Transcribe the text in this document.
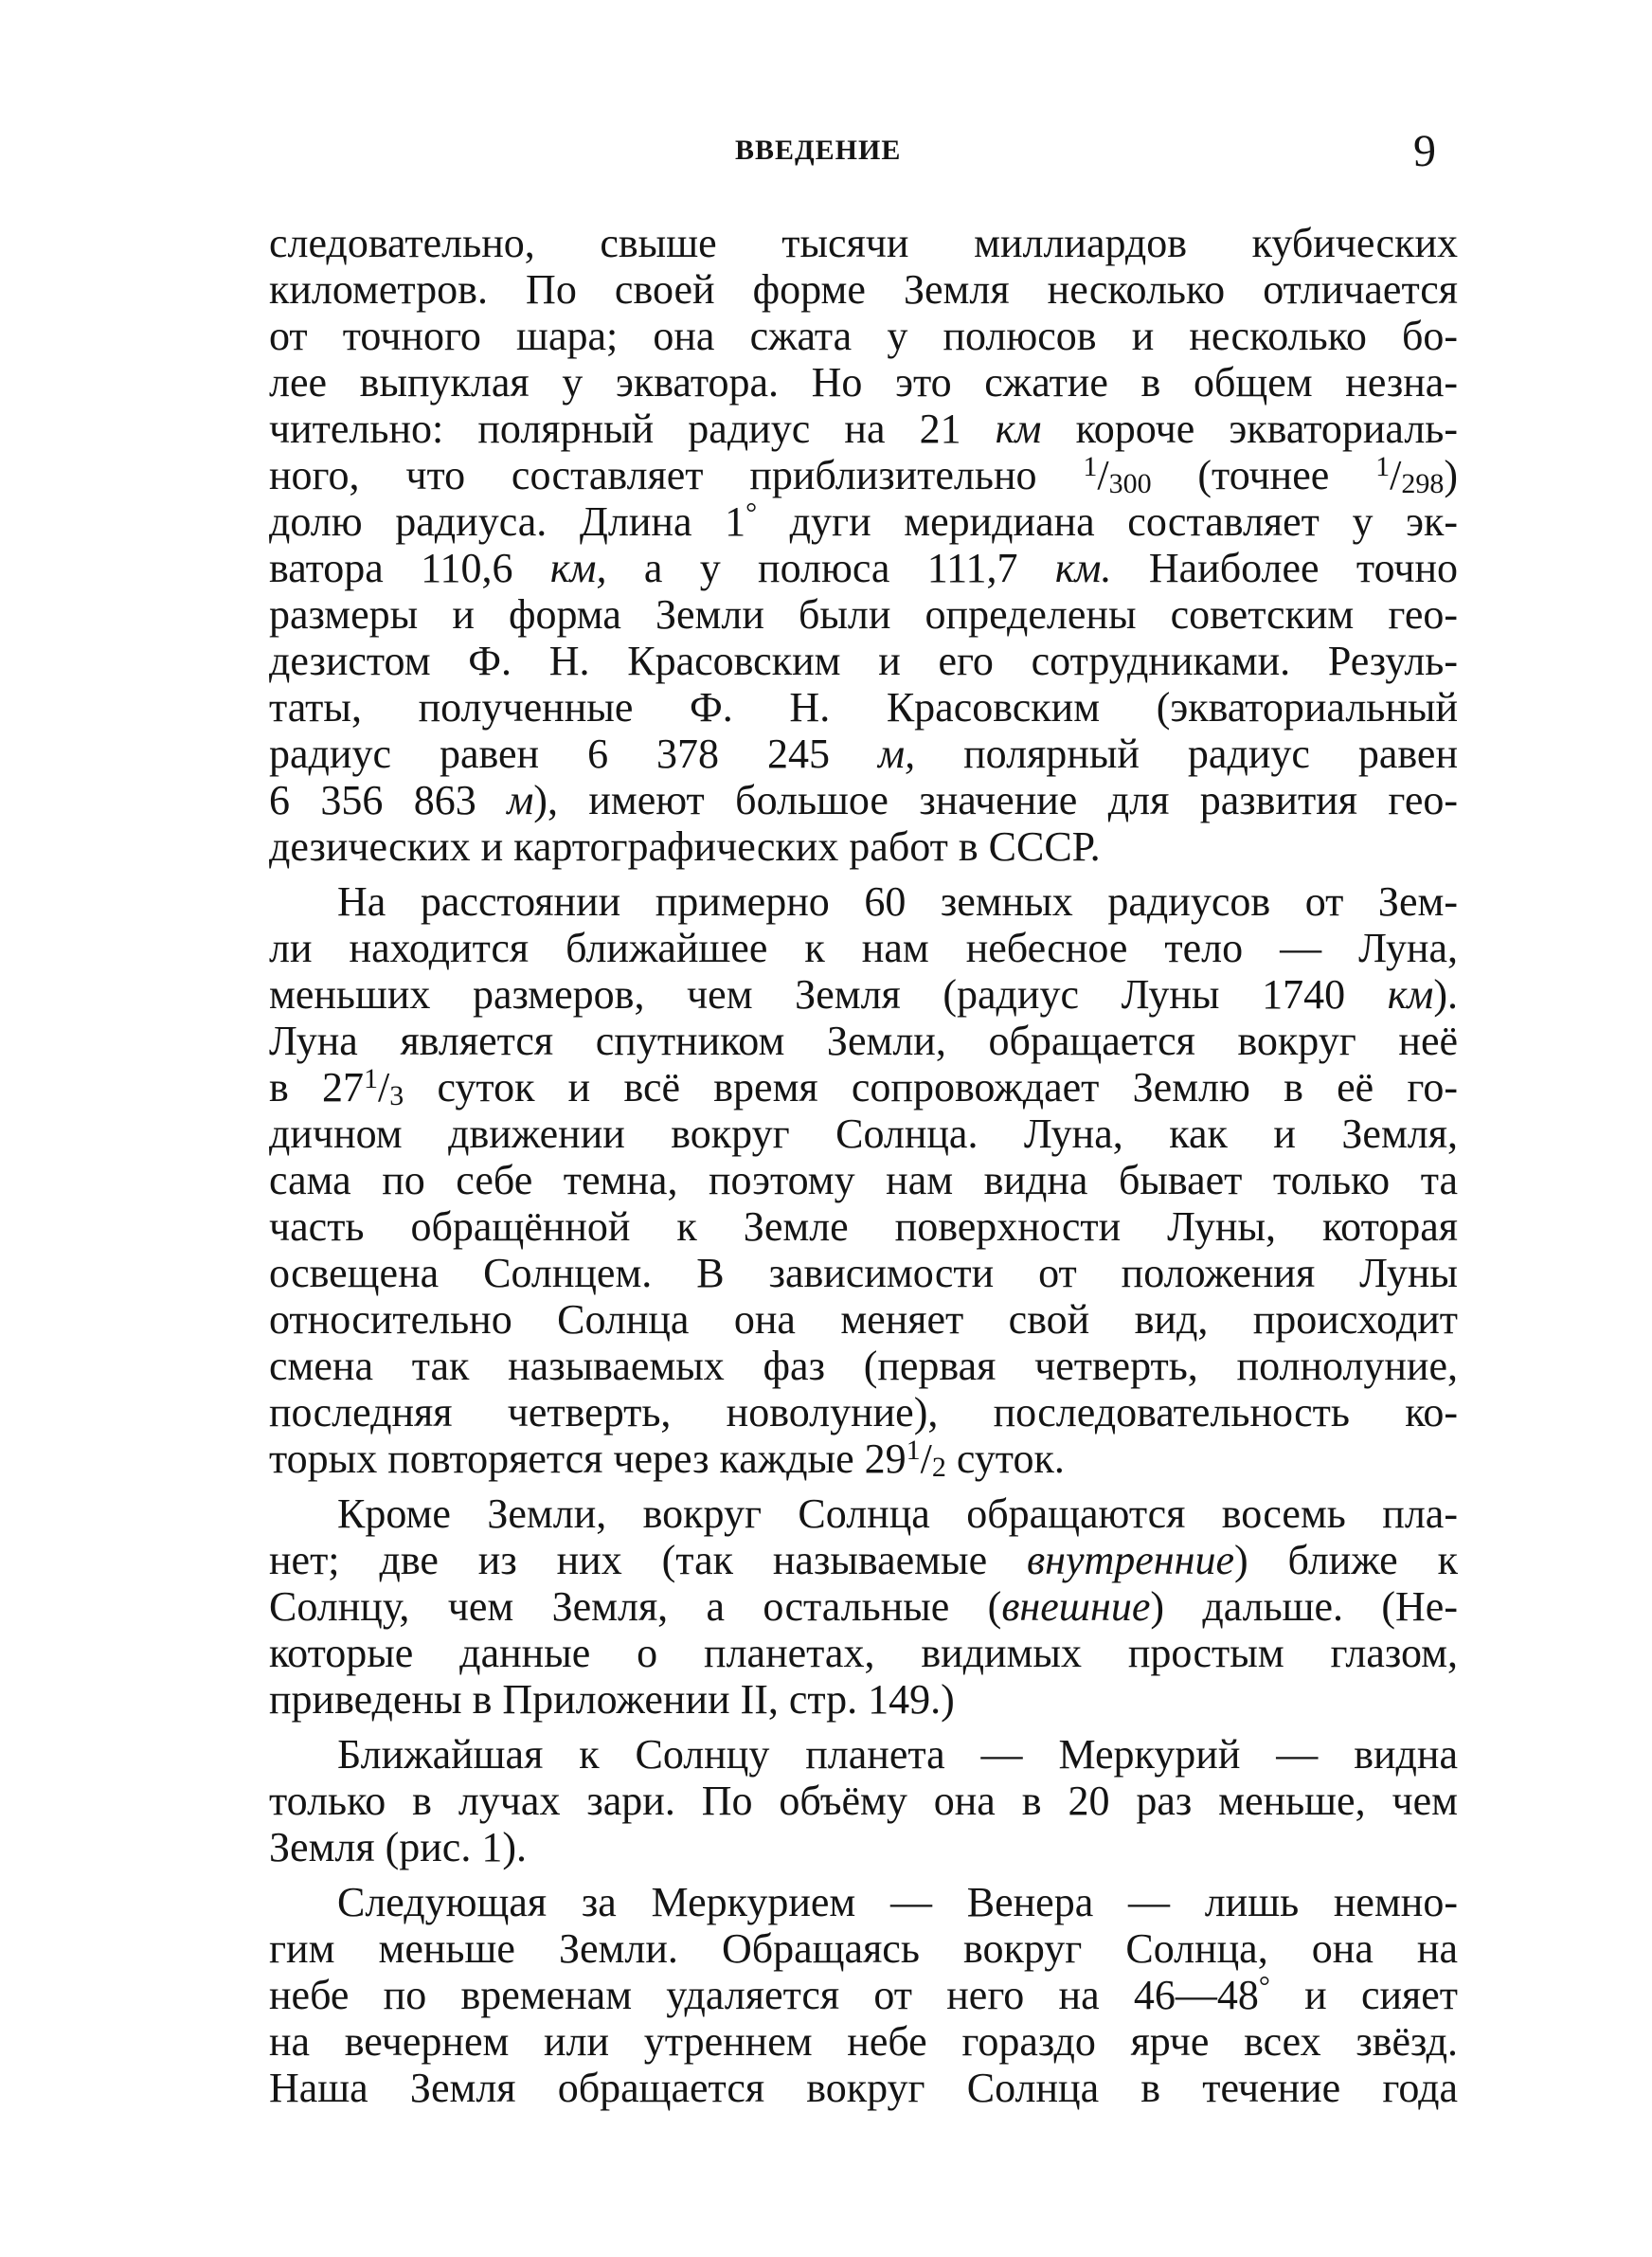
ВВЕДЕНИЕ	9
следовательно, свыше тысячи миллиардов кубических
километров. По своей форме Земля несколько отличается
от точного шара; она сжата у полюсов и несколько бо-
лее выпуклая у экватора. Но это сжатие в общем незна-
чительно: полярный радиус на 21 км короче экваториаль-
ного, что составляет приблизительно $^1/_{300}$ (точнее $^1/_{298}$)
долю радиуса. Длина 1° дуги меридиана составляет у эк-
ватора 110,6 км, а у полюса 111,7 км. Наиболее точно
размеры и форма Земли были определены советским гео-
дезистом Ф. Н. Красовским и его сотрудниками. Резуль-
таты, полученные Ф. Н. Красовским (экваториальный
радиус равен 6 378 245 м, полярный радиус равен
6 356 863 м), имеют большое значение для развития гео-
дезических и картографических работ в СССР.
На расстоянии примерно 60 земных радиусов от Зем-
ли находится ближайшее к нам небесное тело — Луна,
меньших размеров, чем Земля (радиус Луны 1740 км).
Луна является спутником Земли, обращается вокруг неё
в $27^1/_3$ суток и всё время сопровождает Землю в её го-
дичном движении вокруг Солнца. Луна, как и Земля,
сама по себе темна, поэтому нам видна бывает только та
часть обращённой к Земле поверхности Луны, которая
освещена Солнцем. В зависимости от положения Луны
относительно Солнца она меняет свой вид, происходит
смена так называемых фаз (первая четверть, полнолуние,
последняя четверть, новолуние), последовательность ко-
торых повторяется через каждые $29^1/_2$ суток.
Кроме Земли, вокруг Солнца обращаются восемь пла-
нет; две из них (так называемые внутренние) ближе к
Солнцу, чем Земля, а остальные (внешние) дальше. (Не-
которые данные о планетах, видимых простым глазом,
приведены в Приложении II, стр. 149.)
Ближайшая к Солнцу планета — Меркурий — видна
только в лучах зари. По объёму она в 20 раз меньше, чем
Земля (рис. 1).
Следующая за Меркурием — Венера — лишь немно-
гим меньше Земли. Обращаясь вокруг Солнца, она на
небе по временам удаляется от него на 46—48° и сияет
на вечернем или утреннем небе гораздо ярче всех звёзд.
Наша Земля обращается вокруг Солнца в течение года
